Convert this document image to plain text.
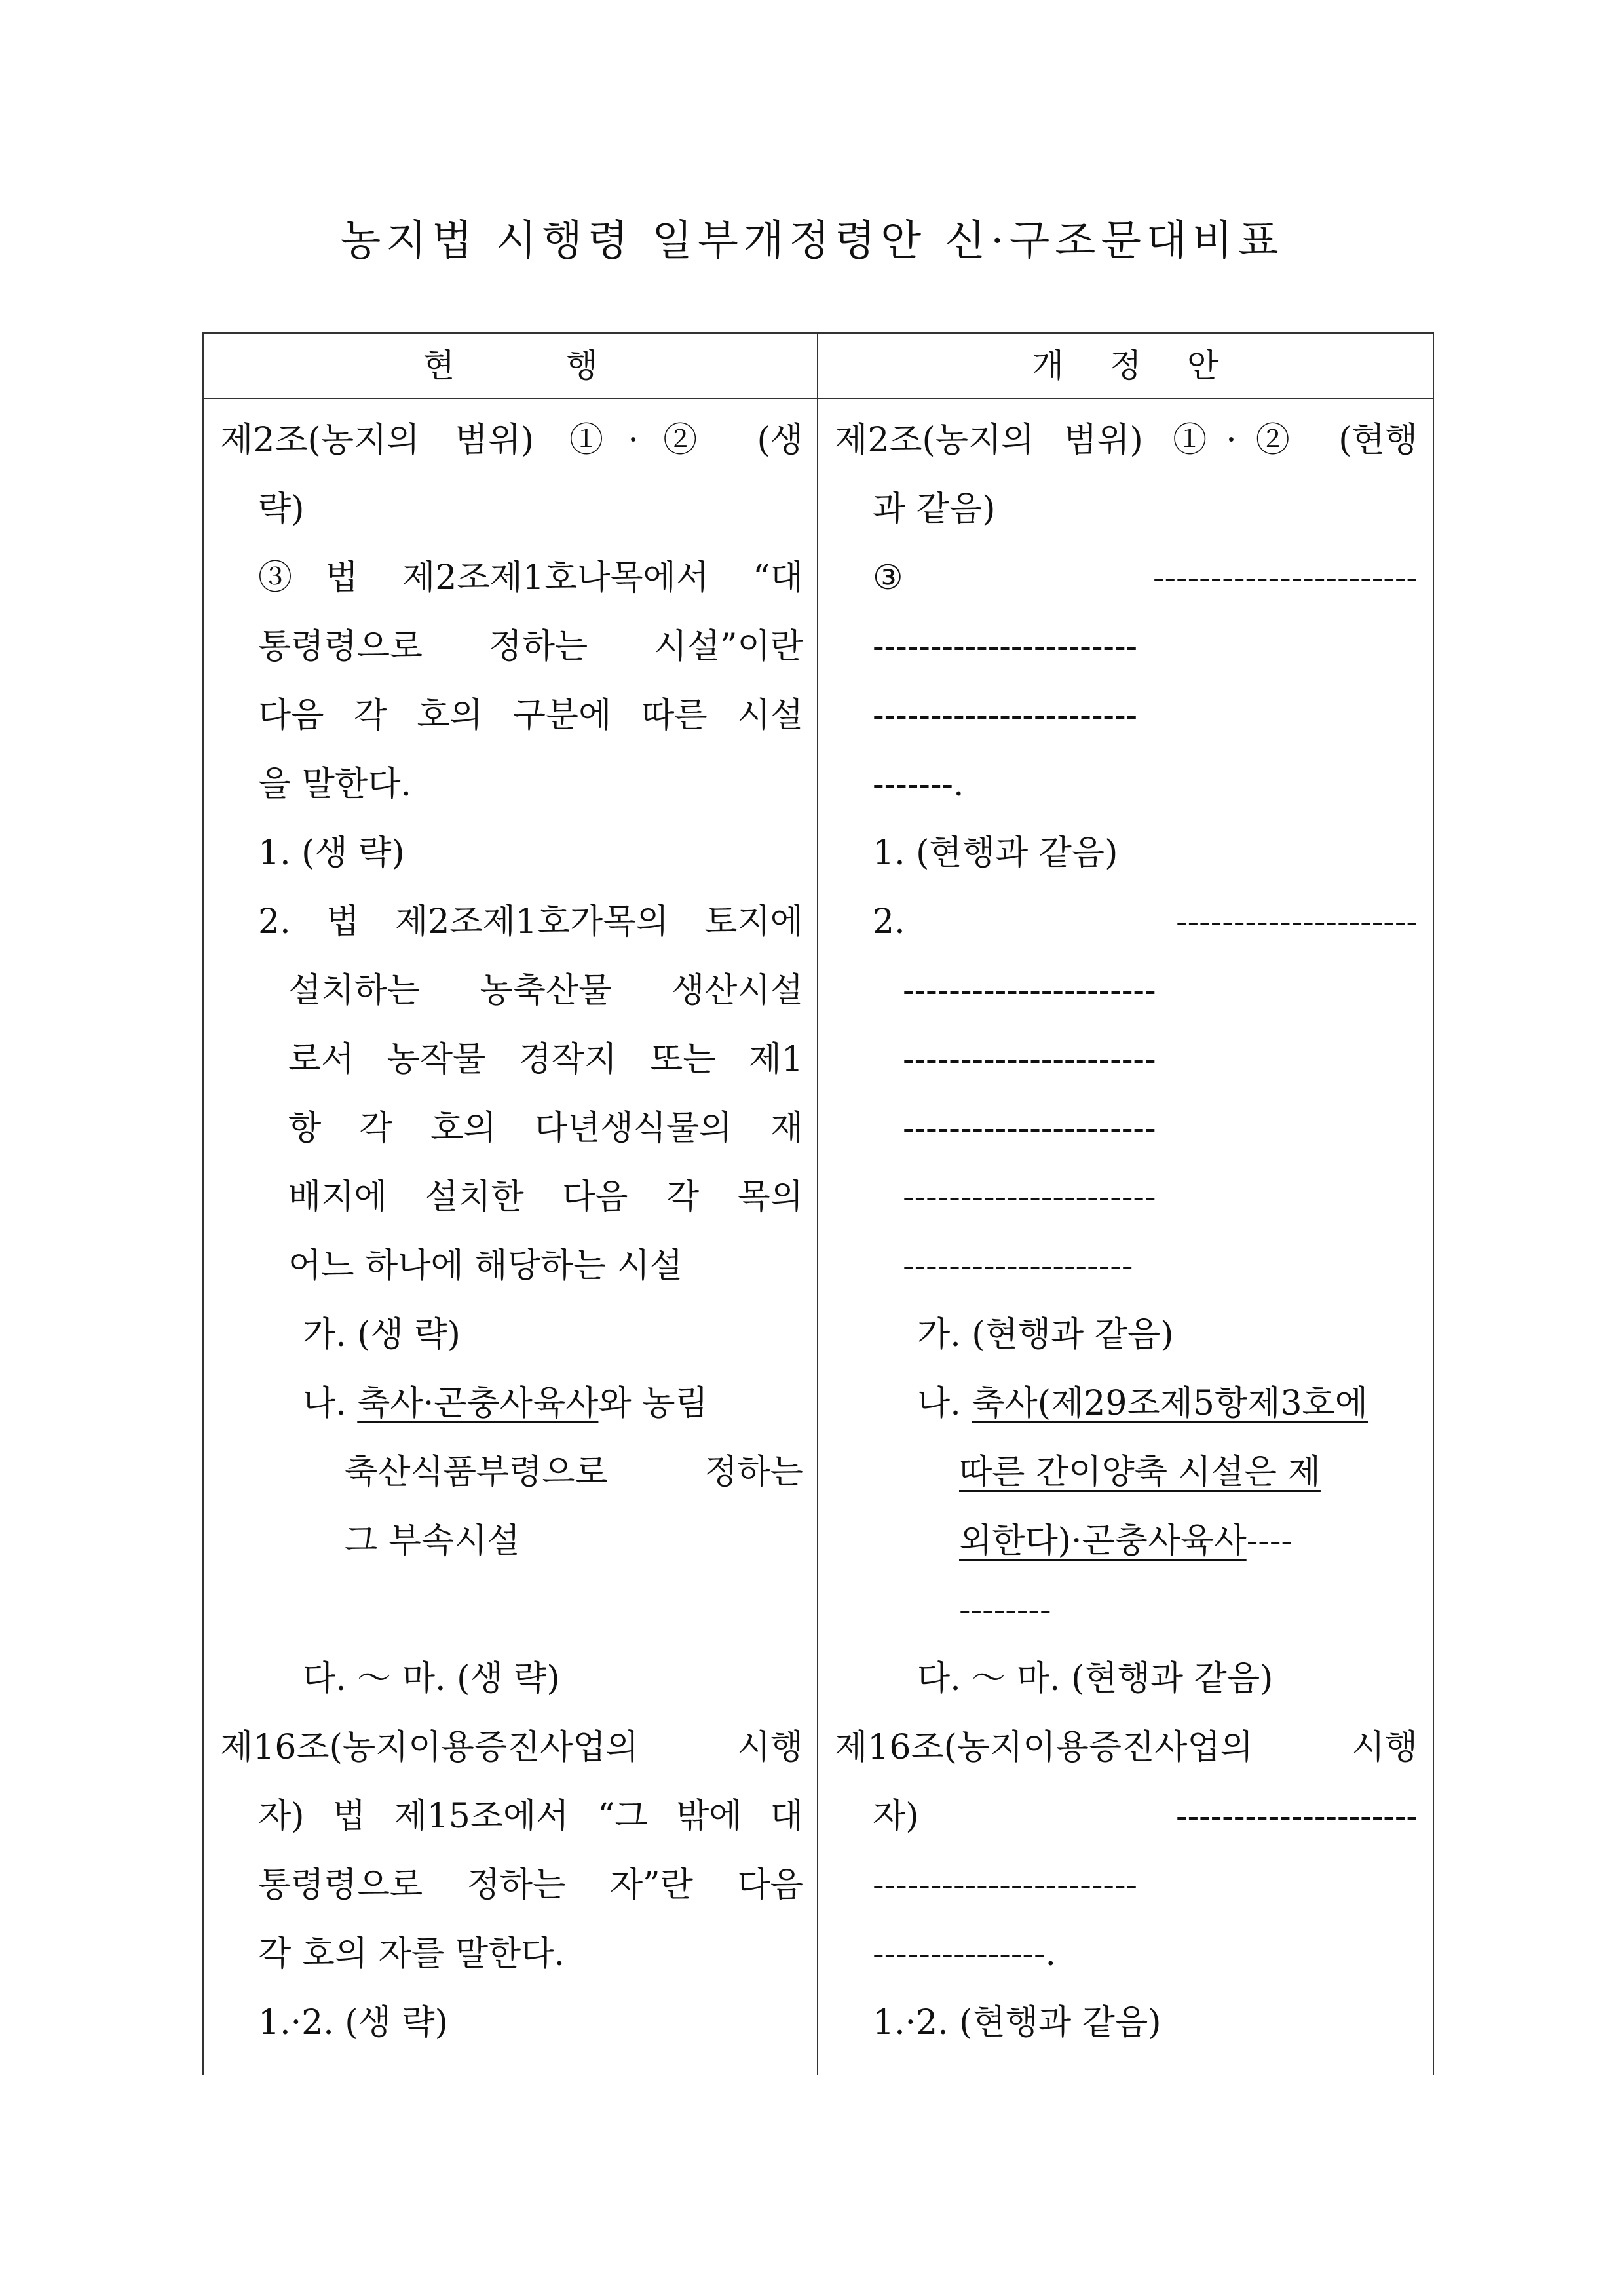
농지법 시행령 일부개정령안 신·구조문대비표
현행	개정안
제2조(농지의 범위) ①·② (생
략)
③법 제2조제1호나목에서 “대
통령령으로 정하는 시설”이란
다음 각 호의 구분에 따른 시설
을 말한다.
1. (생 략)
2. 법 제2조제1호가목의 토지에
설치하는 농축산물 생산시설
로서 농작물 경작지 또는 제1
항 각 호의 다년생식물의 재
배지에 설치한 다음 각 목의
어느 하나에 해당하는 시설
가. (생 략)
나. 축사·곤충사육사와 농림
축산식품부령으로 정하는
그 부속시설
다. ～ 마. (생 략)
제16조(농지이용증진사업의 시행
자) 법 제15조에서 “그 밖에 대
통령령으로 정하는 자”란 다음
각 호의 자를 말한다.
1.·2. (생 략)
제2조(농지의 범위) ①·② (현행
과 같음)
③-----------------------
-----------------------
-----------------------
-------.
1. (현행과 같음)
2. ---------------------
----------------------
----------------------
----------------------
----------------------
--------------------
가. (현행과 같음)
나. 축사(제29조제5항제3호에
따른 간이양축 시설은 제
외한다)·곤충사육사----
--------
다. ～ 마. (현행과 같음)
제16조(농지이용증진사업의 시행
자) ---------------------
-----------------------
---------------.
1.·2. (현행과 같음)
